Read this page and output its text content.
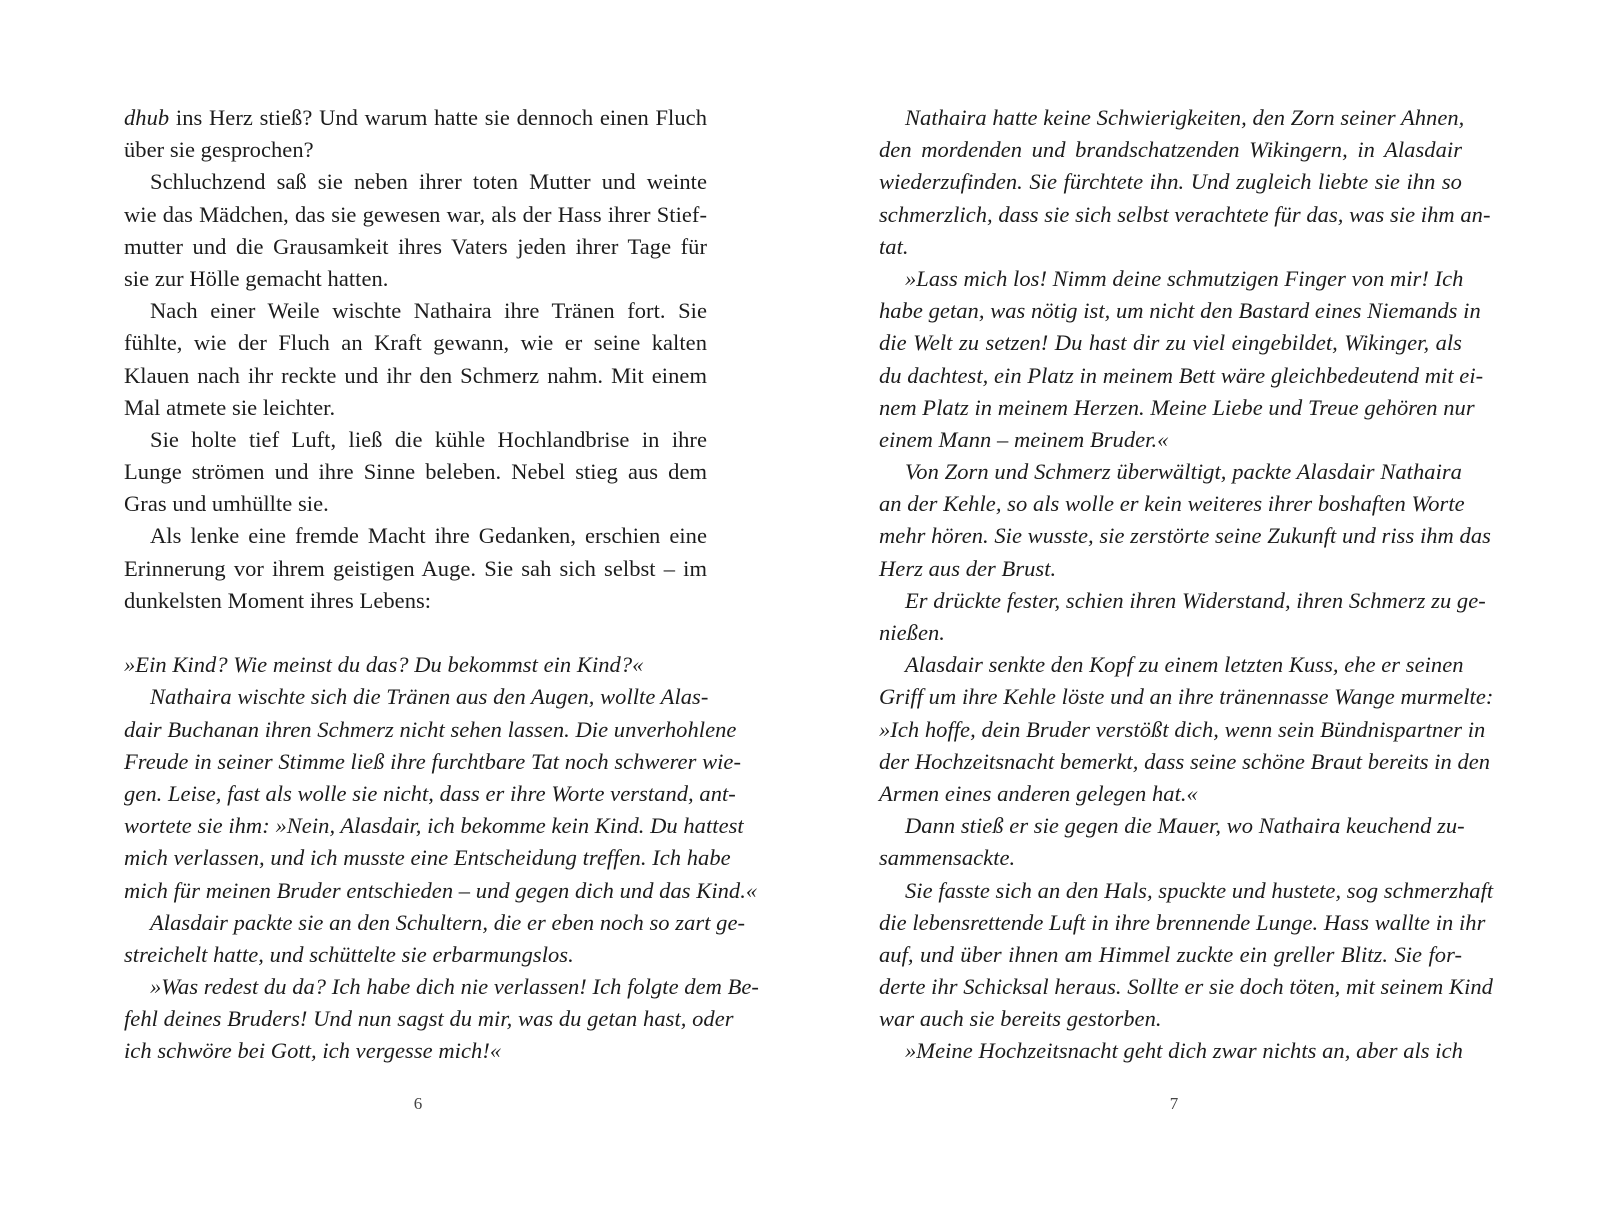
dhub ins Herz stieß? Und warum hatte sie dennoch einen Fluch
über sie gesprochen?
Schluchzend saß sie neben ihrer toten Mutter und weinte
wie das Mädchen, das sie gewesen war, als der Hass ihrer Stief-
mutter und die Grausamkeit ihres Vaters jeden ihrer Tage für
sie zur Hölle gemacht hatten.
Nach einer Weile wischte Nathaira ihre Tränen fort. Sie
fühlte, wie der Fluch an Kraft gewann, wie er seine kalten
Klauen nach ihr reckte und ihr den Schmerz nahm. Mit einem
Mal atmete sie leichter.
Sie holte tief Luft, ließ die kühle Hochlandbrise in ihre
Lunge strömen und ihre Sinne beleben. Nebel stieg aus dem
Gras und umhüllte sie.
Als lenke eine fremde Macht ihre Gedanken, erschien eine
Erinnerung vor ihrem geistigen Auge. Sie sah sich selbst – im
dunkelsten Moment ihres Lebens:
»Ein Kind? Wie meinst du das? Du bekommst ein Kind?«
Nathaira wischte sich die Tränen aus den Augen, wollte Alas-
dair Buchanan ihren Schmerz nicht sehen lassen. Die unverhohlene
Freude in seiner Stimme ließ ihre furchtbare Tat noch schwerer wie-
gen. Leise, fast als wolle sie nicht, dass er ihre Worte verstand, ant-
wortete sie ihm: »Nein, Alasdair, ich bekomme kein Kind. Du hattest
mich verlassen, und ich musste eine Entscheidung treffen. Ich habe
mich für meinen Bruder entschieden – und gegen dich und das Kind.«
Alasdair packte sie an den Schultern, die er eben noch so zart ge-
streichelt hatte, und schüttelte sie erbarmungslos.
»Was redest du da? Ich habe dich nie verlassen! Ich folgte dem Be-
fehl deines Bruders! Und nun sagst du mir, was du getan hast, oder
ich schwöre bei Gott, ich vergesse mich!«
Nathaira hatte keine Schwierigkeiten, den Zorn seiner Ahnen,
den mordenden und brandschatzenden Wikingern, in Alasdair
wiederzufinden. Sie fürchtete ihn. Und zugleich liebte sie ihn so
schmerzlich, dass sie sich selbst verachtete für das, was sie ihm an-
tat.
»Lass mich los! Nimm deine schmutzigen Finger von mir! Ich
habe getan, was nötig ist, um nicht den Bastard eines Niemands in
die Welt zu setzen! Du hast dir zu viel eingebildet, Wikinger, als
du dachtest, ein Platz in meinem Bett wäre gleichbedeutend mit ei-
nem Platz in meinem Herzen. Meine Liebe und Treue gehören nur
einem Mann – meinem Bruder.«
Von Zorn und Schmerz überwältigt, packte Alasdair Nathaira
an der Kehle, so als wolle er kein weiteres ihrer boshaften Worte
mehr hören. Sie wusste, sie zerstörte seine Zukunft und riss ihm das
Herz aus der Brust.
Er drückte fester, schien ihren Widerstand, ihren Schmerz zu ge-
nießen.
Alasdair senkte den Kopf zu einem letzten Kuss, ehe er seinen
Griff um ihre Kehle löste und an ihre tränennasse Wange murmelte:
»Ich hoffe, dein Bruder verstößt dich, wenn sein Bündnispartner in
der Hochzeitsnacht bemerkt, dass seine schöne Braut bereits in den
Armen eines anderen gelegen hat.«
Dann stieß er sie gegen die Mauer, wo Nathaira keuchend zu-
sammensackte.
Sie fasste sich an den Hals, spuckte und hustete, sog schmerzhaft
die lebensrettende Luft in ihre brennende Lunge. Hass wallte in ihr
auf, und über ihnen am Himmel zuckte ein greller Blitz. Sie for-
derte ihr Schicksal heraus. Sollte er sie doch töten, mit seinem Kind
war auch sie bereits gestorben.
»Meine Hochzeitsnacht geht dich zwar nichts an, aber als ich
6	7
